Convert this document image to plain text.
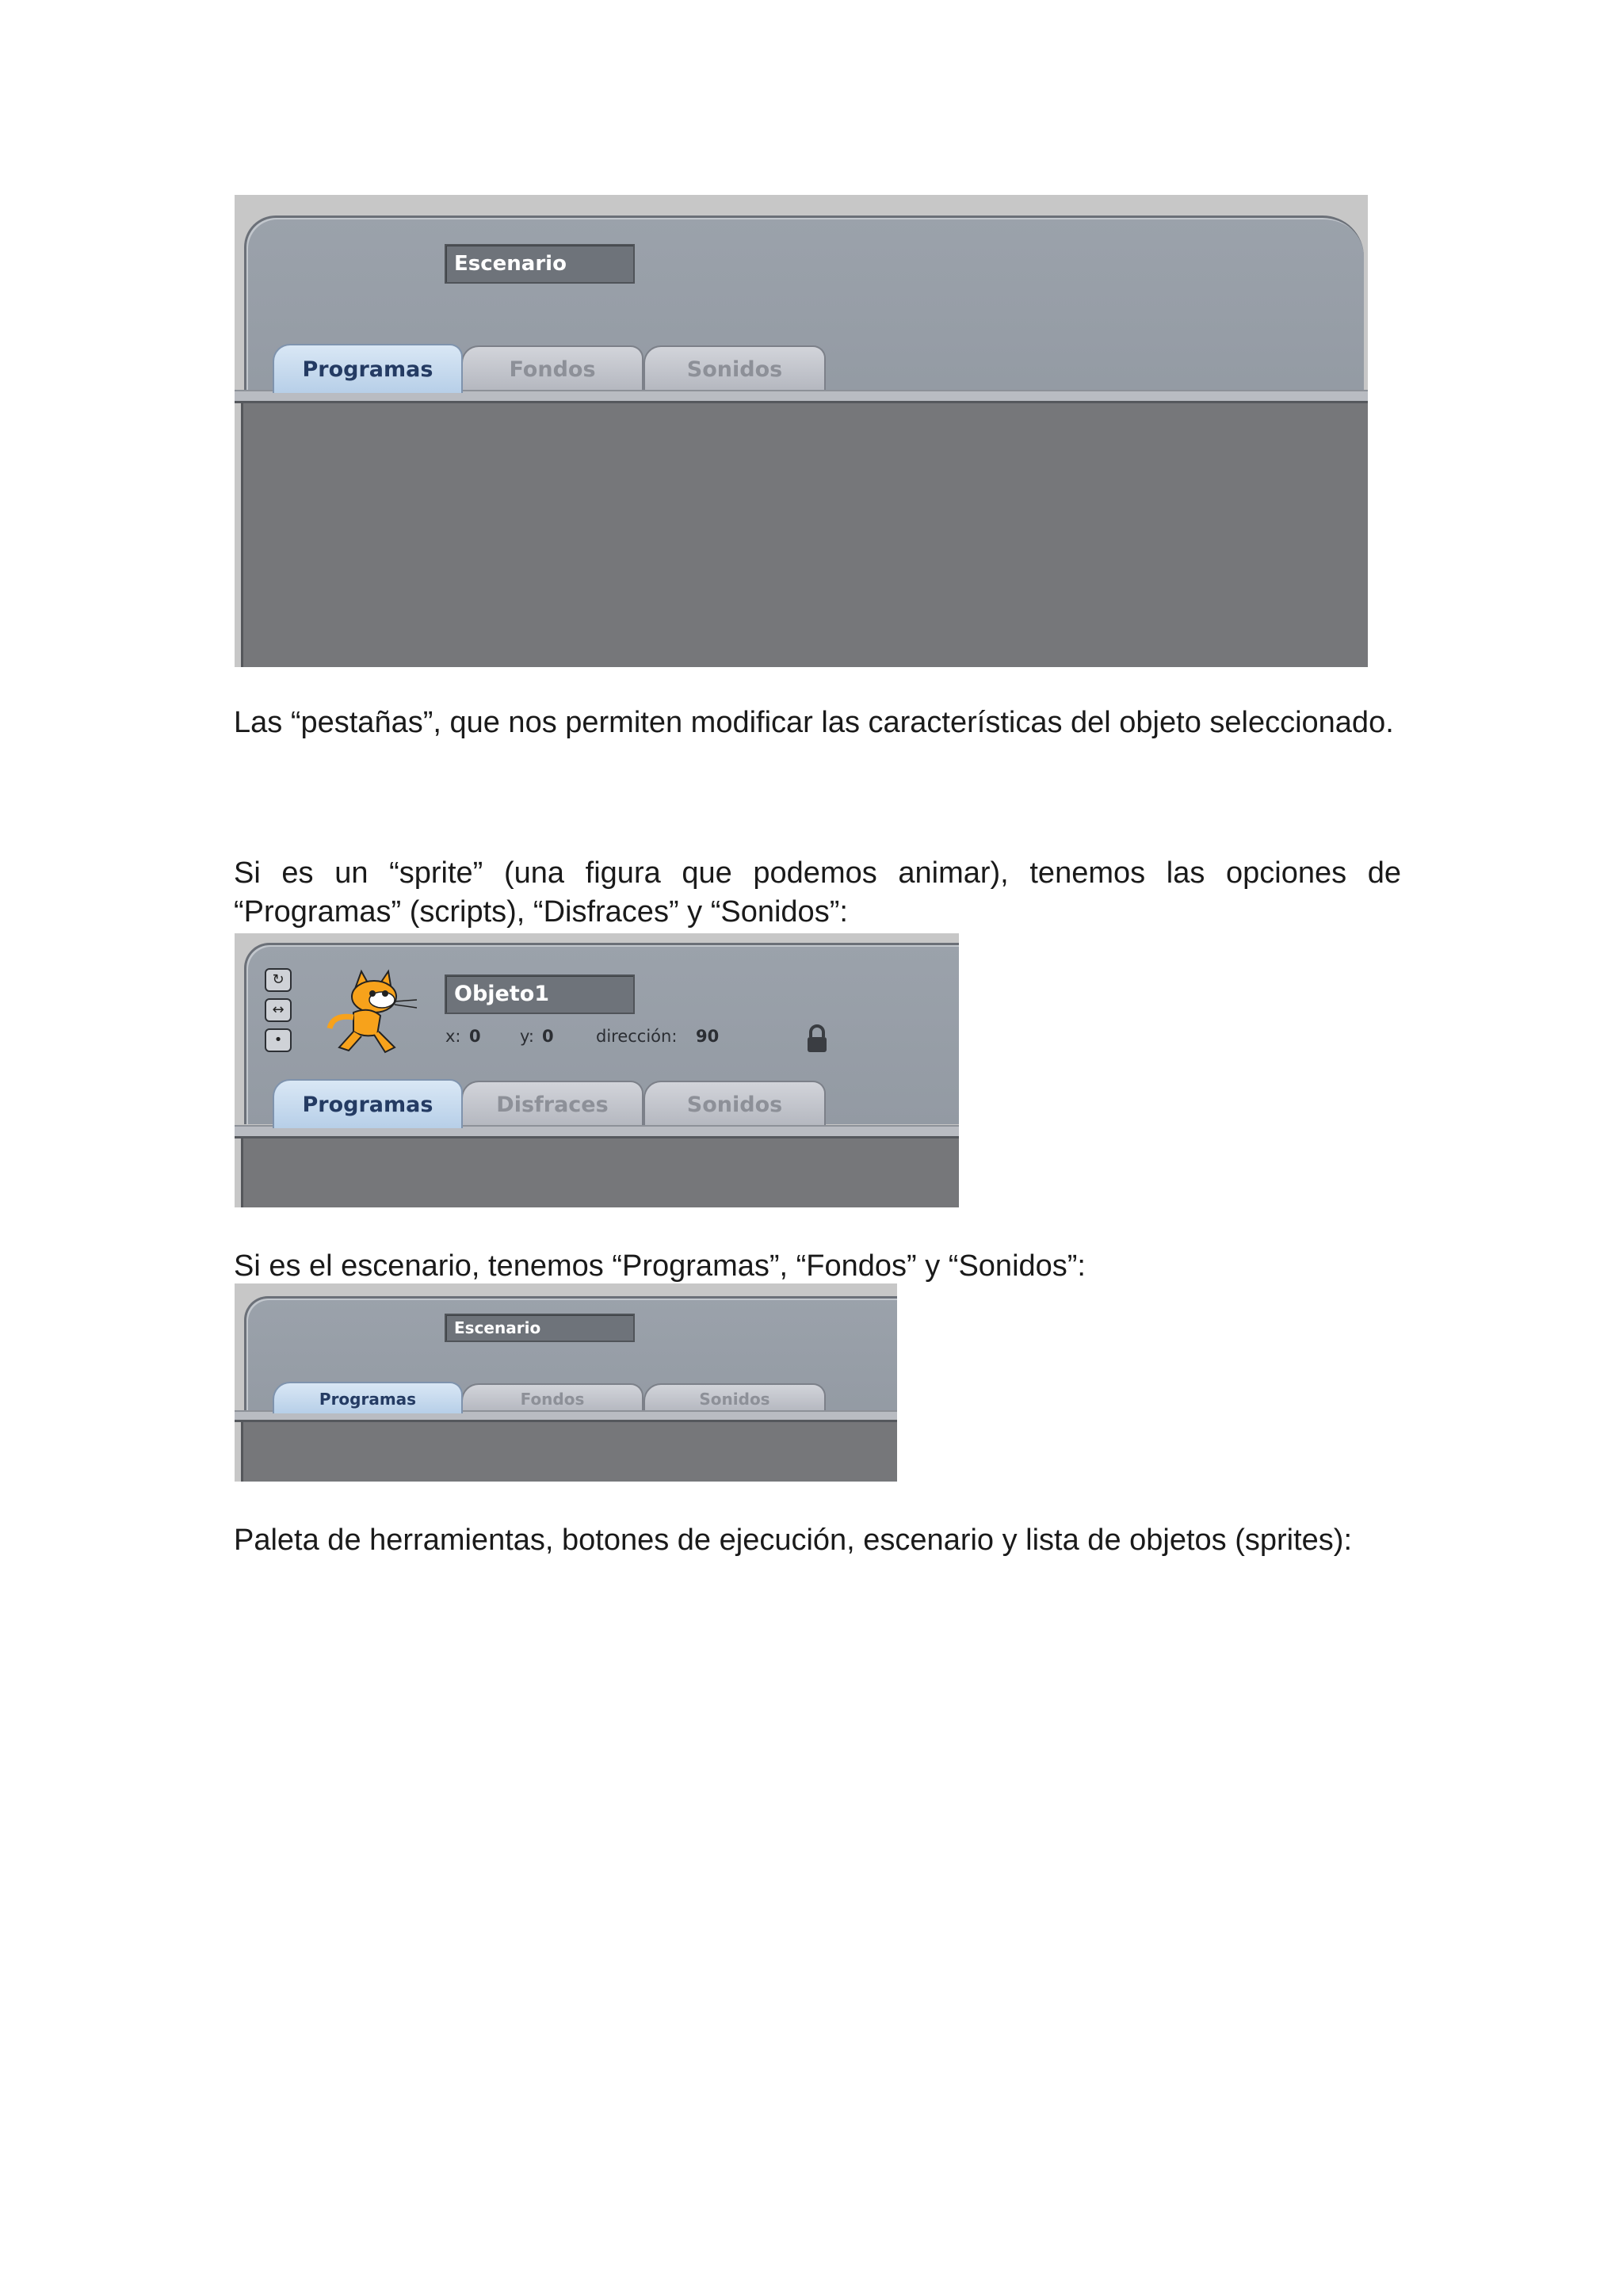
Escenario
Programas	Fondos	Sonidos
Las “pestañas”, que nos permiten modificar las características del objeto seleccionado.
Si es un “sprite” (una figura que podemos animar), tenemos las opciones de “Programas” (scripts), “Disfraces” y “Sonidos”:
↻
↔
•
Objeto1
x: 0 y: 0	dirección: 90
Programas	Disfraces	Sonidos
Si es el escenario, tenemos “Programas”, “Fondos” y “Sonidos”:
Escenario
Programas	Fondos	Sonidos
Paleta de herramientas, botones de ejecución, escenario y lista de objetos (sprites):
